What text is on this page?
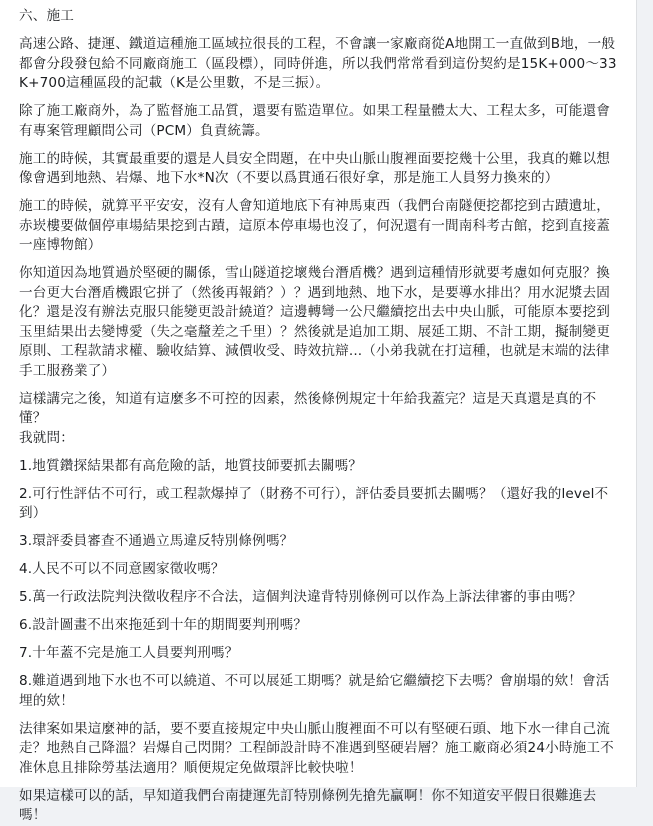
六、施工

高速公路、捷運、鐵道這種施工區域拉很長的工程，不會讓一家廠商從A地開工一直做到B地，一般都會分段發包給不同廠商施工（區段標），同時併進，所以我們常常看到這份契約是15K+000～33K+700這種區段的記載（K是公里數，不是三振）。

除了施工廠商外，為了監督施工品質，還要有監造單位。如果工程量體太大、工程太多，可能還會有專案管理顧問公司（PCM）負責統籌。

施工的時候，其實最重要的還是人員安全問題，在中央山脈山腹裡面要挖幾十公里，我真的難以想像會遇到地熱、岩爆、地下水*N次（不要以爲貫通石很好拿，那是施工人員努力換來的）

施工的時候，就算平平安安，沒有人會知道地底下有神馬東西（我們台南隧便挖都挖到古蹟遺址，赤崁樓要做個停車場結果挖到古蹟，這原本停車場也沒了，何況還有一間南科考古館，挖到直接蓋一座博物館）

你知道因為地質過於堅硬的關係，雪山隧道挖壞幾台潛盾機？遇到這種情形就要考慮如何克服？換一台更大台潛盾機跟它拼了（然後再報銷？）？遇到地熱、地下水，是要導水排出？用水泥漿去固化？還是沒有辦法克服只能變更設計繞道？這邊轉彎一公尺繼續挖出去中央山脈，可能原本要挖到玉里結果出去變博愛（失之毫釐差之千里）？然後就是追加工期、展延工期、不計工期，擬制變更原則、工程款請求權、驗收結算、減價收受、時效抗辯...（小弟我就在打這種，也就是末端的法律手工服務業了）

這樣講完之後，知道有這麼多不可控的因素，然後條例規定十年給我蓋完？這是天真還是真的不懂？

我就問：

1.地質鑽探結果都有高危險的話，地質技師要抓去關嗎？

2.可行性評估不可行，或工程款爆掉了（財務不可行），評估委員要抓去關嗎？（還好我的level不到）

3.環評委員審查不通過立馬違反特別條例嗎？

4.人民不可以不同意國家徵收嗎？

5.萬一行政法院判決徵收程序不合法，這個判決違背特別條例可以作為上訴法律審的事由嗎？

6.設計圖畫不出來拖延到十年的期間要判刑嗎？

7.十年蓋不完是施工人員要判刑嗎？

8.難道遇到地下水也不可以繞道、不可以展延工期嗎？就是給它繼續挖下去嗎？會崩塌的欸！會活埋的欸！

法律案如果這麼神的話，要不要直接規定中央山脈山腹裡面不可以有堅硬石頭、地下水一律自己流走？地熱自己降溫？岩爆自己閃開？工程師設計時不准遇到堅硬岩層？施工廠商必須24小時施工不准休息且排除勞基法適用？順便規定免做環評比較快啦！

如果這樣可以的話，早知道我們台南捷運先訂特別條例先搶先贏啊！你不知道安平假日很難進去嗎！
